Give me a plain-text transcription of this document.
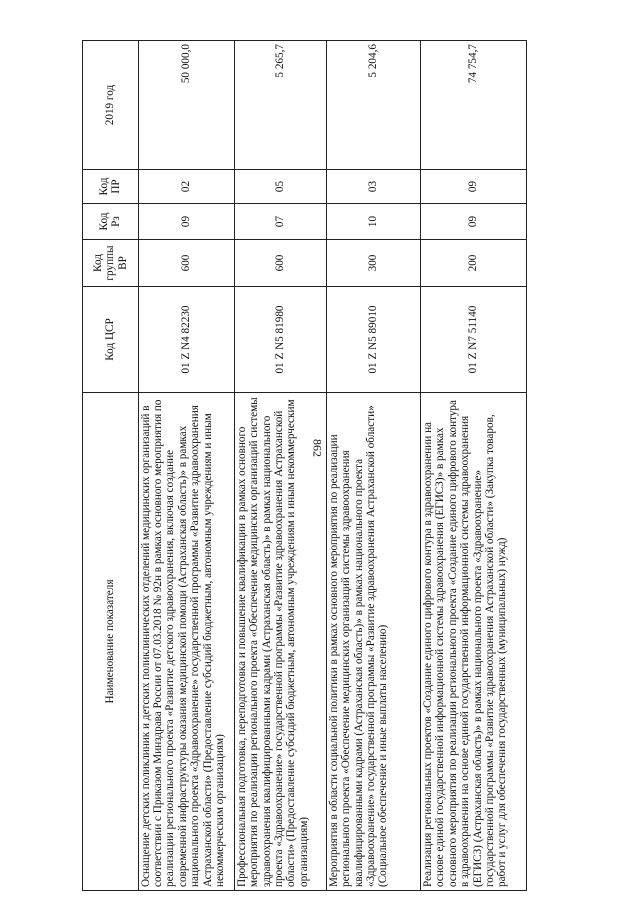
862
Наименование показателя	Код ЦСР	Код группы ВР	Код Рз	Код ПР	2019 год
Оснащение детских поликлиник и детских поликлинических отделений медицинских организаций в соответствии с Приказом Минздрава России от 07.03.2018 № 92н в рамках основного мероприятия по реализации регионального проекта «Развитие детского здравоохранения, включая создание современной инфраструктуры оказания медицинской помощи (Астраханская область)» в рамках национального проекта «Здравоохранение» государственной программы «Развитие здравоохранения Астраханской области» (Предоставление субсидий бюджетным, автономным учреждениям и иным некоммерческим организациям)	01 Z N4 82230	600	09	02	50 000,0
Профессиональная подготовка, переподготовка и повышение квалификации в рамках основного мероприятия по реализации регионального проекта «Обеспечение медицинских организаций системы здравоохранения квалифицированными кадрами (Астраханская область)» в рамках национального проекта «Здравоохранение» государственной программы «Развитие здравоохранения Астраханской области» (Предоставление субсидий бюджетным, автономным учреждениям и иным некоммерческим организациям)	01 Z N5 81980	600	07	05	5 265,7
Мероприятия в области социальной политики в рамках основного мероприятия по реализации регионального проекта «Обеспечение медицинских организаций системы здравоохранения квалифицированными кадрами (Астраханская область)» в рамках национального проекта «Здравоохранение» государственной программы «Развитие здравоохранения Астраханской области» (Социальное обеспечение и иные выплаты населению)	01 Z N5 89010	300	10	03	5 204,6
Реализация региональных проектов «Создание единого цифрового контура в здравоохранении на основе единой государственной информационной системы здравоохранения (ЕГИСЗ)» в рамках основного мероприятия по реализации регионального проекта «Создание единого цифрового контура в здравоохранении на основе единой государственной информационной системы здравоохранения (ЕГИСЗ) (Астраханская область)» в рамках национального проекта «Здравоохранение» государственной программы «Развитие здравоохранения Астраханской области» (Закупка товаров, работ и услуг для обеспечения государственных (муниципальных) нужд)	01 Z N7 51140	200	09	09	74 754,7
